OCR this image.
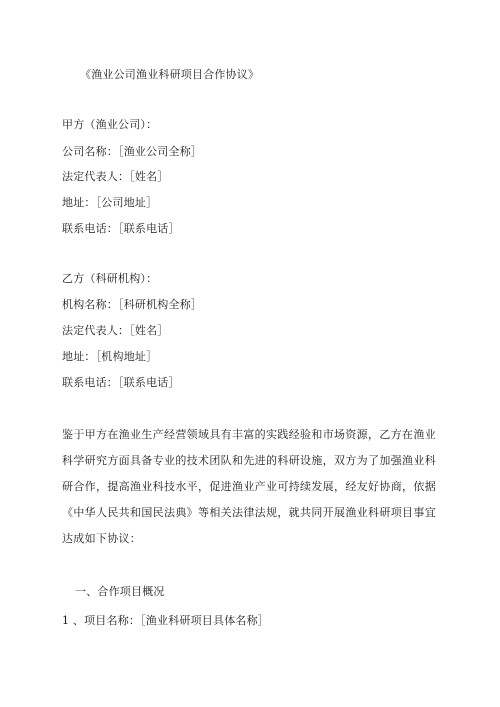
《渔业公司渔业科研项目合作协议》
甲方（渔业公司）：
公司名称：［渔业公司全称］
法定代表人：［姓名］
地址：［公司地址］
联系电话：［联系电话］
乙方（科研机构）：
机构名称：［科研机构全称］
法定代表人：［姓名］
地址：［机构地址］
联系电话：［联系电话］
鉴于甲方在渔业生产经营领域具有丰富的实践经验和市场资源，乙方在渔业科学研究方面具备专业的技术团队和先进的科研设施，双方为了加强渔业科研合作，提高渔业科技水平，促进渔业产业可持续发展，经友好协商，依据《中华人民共和国民法典》等相关法律法规，就共同开展渔业科研项目事宜达成如下协议：
一、合作项目概况
1 、项目名称：［渔业科研项目具体名称］
